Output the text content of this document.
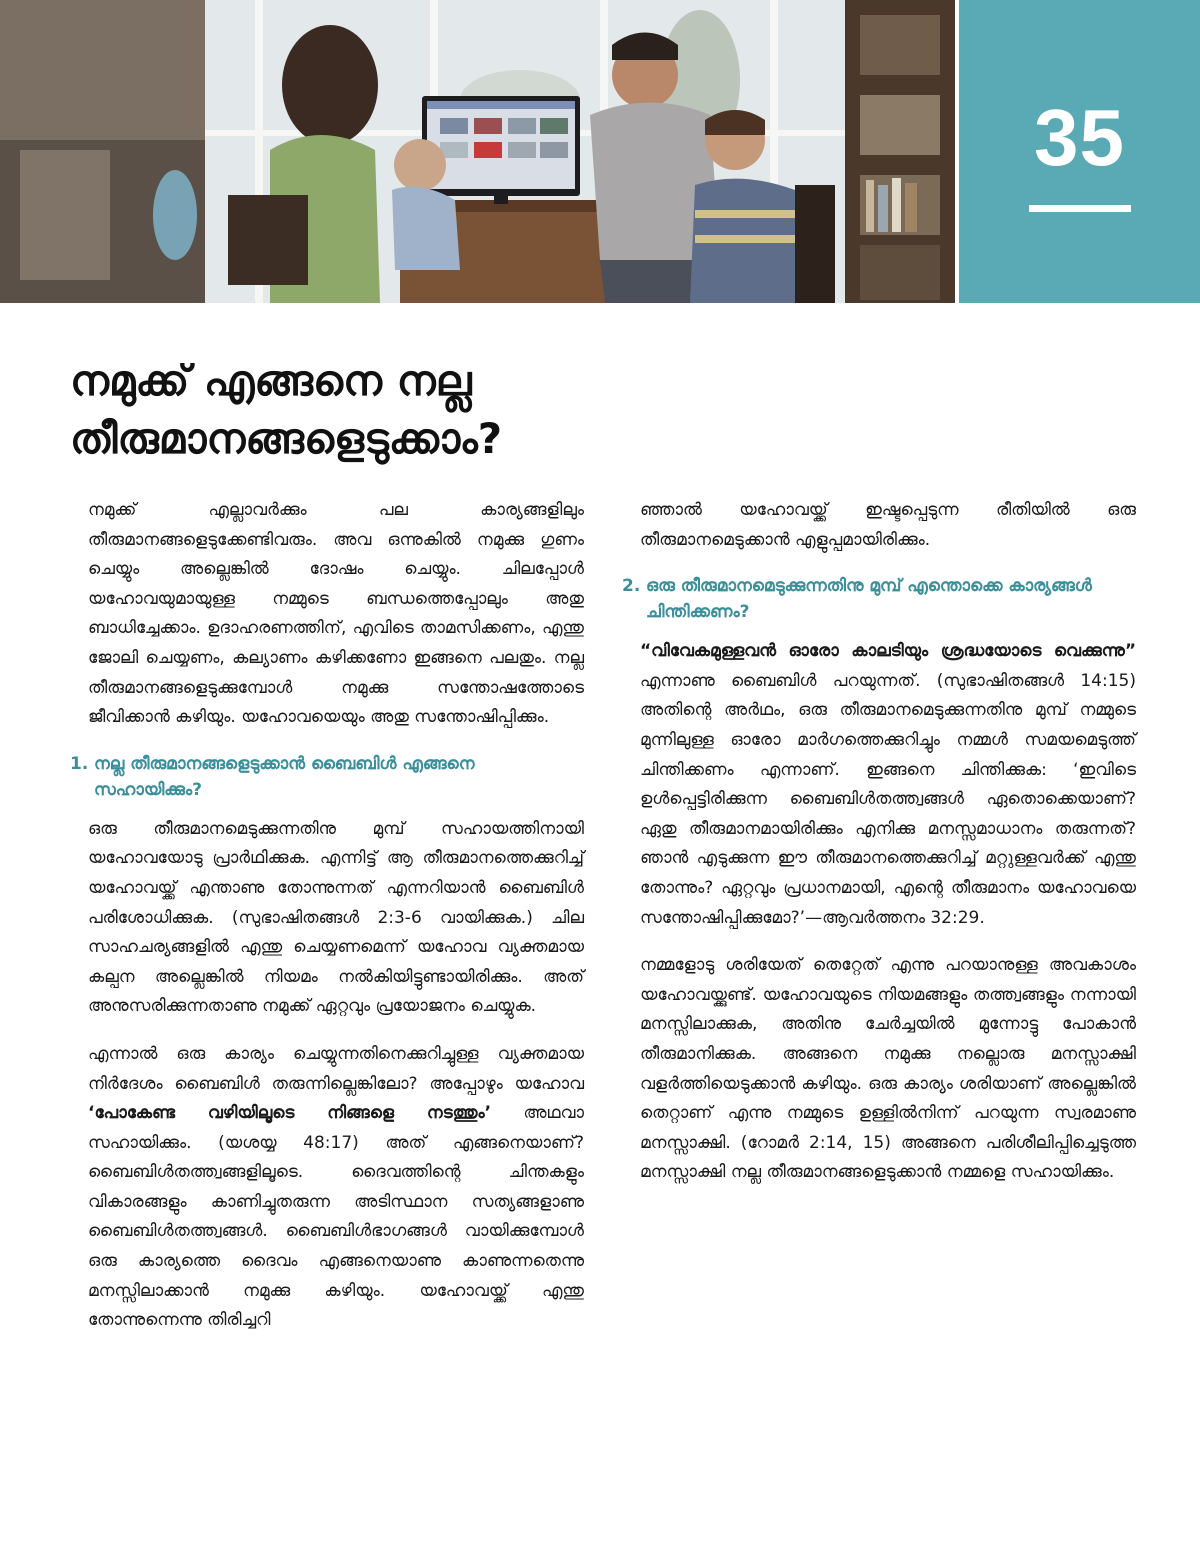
35
നമുക്ക് എങ്ങനെ നല്ല
തീരുമാനങ്ങളെടുക്കാം?

നമുക്ക് എല്ലാവർക്കും പല കാര്യങ്ങളിലും തീരുമാനങ്ങളെടുക്കേണ്ടിവരും. അവ ഒന്നുകിൽ നമുക്കു ഗുണം ചെയ്യും അല്ലെങ്കിൽ ദോഷം ചെയ്യും. ചിലപ്പോൾ യഹോവയുമായുള്ള നമ്മുടെ ബന്ധത്തെപ്പോലും അതു ബാധിച്ചേക്കാം. ഉദാഹരണത്തിന്, എവിടെ താമസിക്കണം, എന്തു ജോലി ചെയ്യണം, കല്യാണം കഴിക്കണോ ഇങ്ങനെ പലതും. നല്ല തീരുമാനങ്ങളെടുക്കുമ്പോൾ നമുക്കു സന്തോഷത്തോടെ ജീവിക്കാൻ കഴിയും. യഹോവയെയും അതു സന്തോഷിപ്പിക്കും.

1. നല്ല തീരുമാനങ്ങളെടുക്കാൻ ബൈബിൾ എങ്ങനെ സഹായിക്കും?

ഒരു തീരുമാനമെടുക്കുന്നതിനു മുമ്പ് സഹായത്തിനായി യഹോവയോടു പ്രാർഥിക്കുക. എന്നിട്ട് ആ തീരുമാനത്തെക്കുറിച്ച് യഹോവയ്ക്ക് എന്താണു തോന്നുന്നത് എന്നറിയാൻ ബൈബിൾ പരിശോധിക്കുക. (സുഭാഷിതങ്ങൾ 2:3-6 വായിക്കുക.) ചില സാഹചര്യങ്ങളിൽ എന്തു ചെയ്യണമെന്ന് യഹോവ വ്യക്തമായ കല്പന അല്ലെങ്കിൽ നിയമം നൽകിയിട്ടുണ്ടായിരിക്കും. അത് അനുസരിക്കുന്നതാണു നമുക്ക് ഏറ്റവും പ്രയോജനം ചെയ്യുക.

എന്നാൽ ഒരു കാര്യം ചെയ്യുന്നതിനെക്കുറിച്ചുള്ള വ്യക്തമായ നിർദേശം ബൈബിൾ തരുന്നില്ലെങ്കിലോ? അപ്പോഴും യഹോവ ‘പോകേണ്ട വഴിയിലൂടെ നിങ്ങളെ നടത്തും’ അഥവാ സഹായിക്കും. (യശയ്യ 48:17) അത് എങ്ങനെയാണ്? ബൈബിൾതത്ത്വങ്ങളിലൂടെ. ദൈവത്തിന്റെ ചിന്തകളും വികാരങ്ങളും കാണിച്ചുതരുന്ന അടിസ്ഥാന സത്യങ്ങളാണു ബൈബിൾതത്ത്വങ്ങൾ. ബൈബിൾഭാഗങ്ങൾ വായിക്കുമ്പോൾ ഒരു കാര്യത്തെ ദൈവം എങ്ങനെയാണു കാണുന്നതെന്നു മനസ്സിലാക്കാൻ നമുക്കു കഴിയും. യഹോവയ്ക്ക് എന്തു തോന്നുന്നെന്നു തിരിച്ചറി

ഞ്ഞാൽ യഹോവയ്ക്ക് ഇഷ്ടപ്പെടുന്ന രീതിയിൽ ഒരു തീരുമാനമെടുക്കാൻ എളുപ്പമായിരിക്കും.

2. ഒരു തീരുമാനമെടുക്കുന്നതിനു മുമ്പ് എന്തൊക്കെ കാര്യങ്ങൾ ചിന്തിക്കണം?

“വിവേകമുള്ളവൻ ഓരോ കാലടിയും ശ്രദ്ധയോടെ വെക്കുന്നു” എന്നാണു ബൈബിൾ പറയുന്നത്. (സുഭാഷിതങ്ങൾ 14:15) അതിന്റെ അർഥം, ഒരു തീരുമാനമെടുക്കുന്നതിനു മുമ്പ് നമ്മുടെ മുന്നിലുള്ള ഓരോ മാർഗത്തെക്കുറിച്ചും നമ്മൾ സമയമെടുത്ത് ചിന്തിക്കണം എന്നാണ്. ഇങ്ങനെ ചിന്തിക്കുക: ‘ഇവിടെ ഉൾപ്പെട്ടിരിക്കുന്ന ബൈബിൾതത്ത്വങ്ങൾ ഏതൊക്കെയാണ്? ഏതു തീരുമാനമായിരിക്കും എനിക്കു മനസ്സമാധാനം തരുന്നത്? ഞാൻ എടുക്കുന്ന ഈ തീരുമാനത്തെക്കുറിച്ച് മറ്റുള്ളവർക്ക് എന്തു തോന്നും? ഏറ്റവും പ്രധാനമായി, എന്റെ തീരുമാനം യഹോവയെ സന്തോഷിപ്പിക്കുമോ?’—ആവർത്തനം 32:29.

നമ്മളോടു ശരിയേത് തെറ്റേത് എന്നു പറയാനുള്ള അവകാശം യഹോവയ്ക്കുണ്ട്. യഹോവയുടെ നിയമങ്ങളും തത്ത്വങ്ങളും നന്നായി മനസ്സിലാക്കുക, അതിനു ചേർച്ചയിൽ മുന്നോട്ടു പോകാൻ തീരുമാനിക്കുക. അങ്ങനെ നമുക്കു നല്ലൊരു മനസ്സാക്ഷി വളർത്തിയെടുക്കാൻ കഴിയും. ഒരു കാര്യം ശരിയാണ് അല്ലെങ്കിൽ തെറ്റാണ് എന്നു നമ്മുടെ ഉള്ളിൽനിന്ന് പറയുന്ന സ്വരമാണു മനസ്സാക്ഷി. (റോമർ 2:14, 15) അങ്ങനെ പരിശീലിപ്പിച്ചെടുത്ത മനസ്സാക്ഷി നല്ല തീരുമാനങ്ങളെടുക്കാൻ നമ്മളെ സഹായിക്കും.
